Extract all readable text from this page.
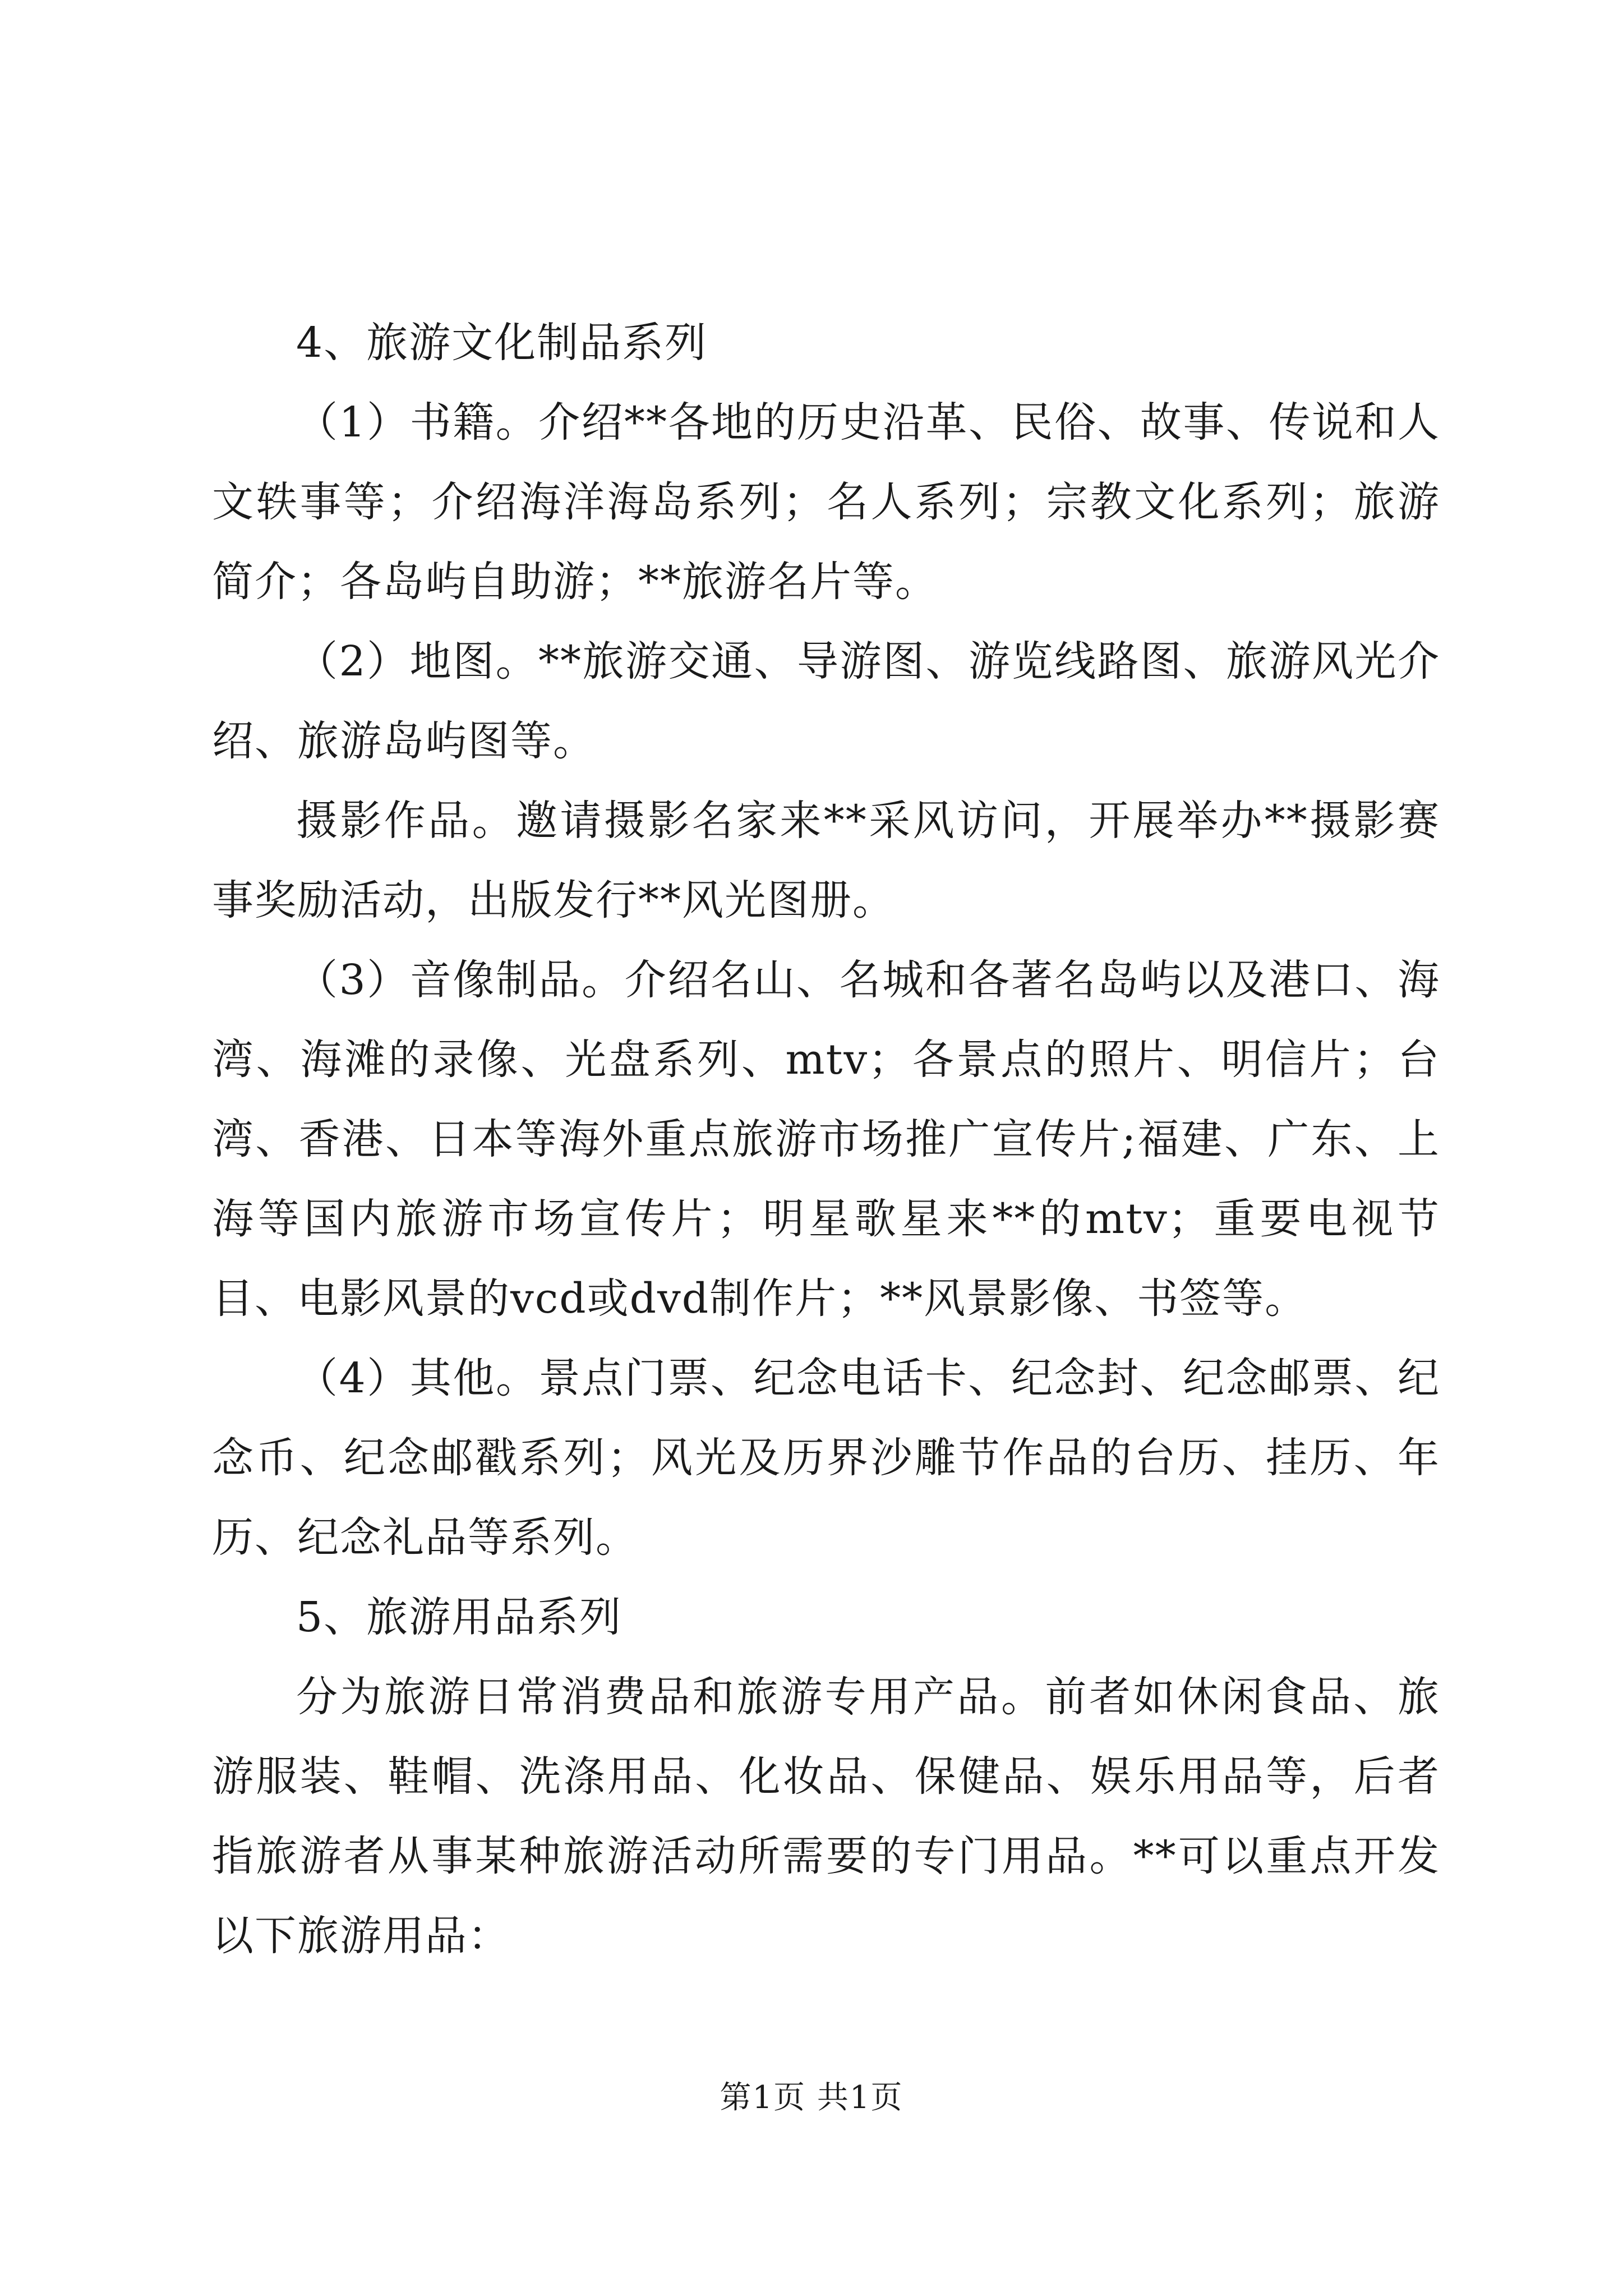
4、旅游文化制品系列

（1）书籍。介绍**各地的历史沿革、民俗、故事、传说和人文轶事等；介绍海洋海岛系列；名人系列；宗教文化系列；旅游简介；各岛屿自助游；**旅游名片等。

（2）地图。**旅游交通、导游图、游览线路图、旅游风光介绍、旅游岛屿图等。

摄影作品。邀请摄影名家来**采风访问，开展举办**摄影赛事奖励活动，出版发行**风光图册。

（3）音像制品。介绍名山、名城和各著名岛屿以及港口、海湾、海滩的录像、光盘系列、mtv；各景点的照片、明信片；台湾、香港、日本等海外重点旅游市场推广宣传片;福建、广东、上海等国内旅游市场宣传片；明星歌星来**的mtv；重要电视节目、电影风景的vcd或dvd制作片；**风景影像、书签等。

（4）其他。景点门票、纪念电话卡、纪念封、纪念邮票、纪念币、纪念邮戳系列；风光及历界沙雕节作品的台历、挂历、年历、纪念礼品等系列。

5、旅游用品系列

分为旅游日常消费品和旅游专用产品。前者如休闲食品、旅游服装、鞋帽、洗涤用品、化妆品、保健品、娱乐用品等，后者指旅游者从事某种旅游活动所需要的专门用品。**可以重点开发以下旅游用品：

第1页 共1页
